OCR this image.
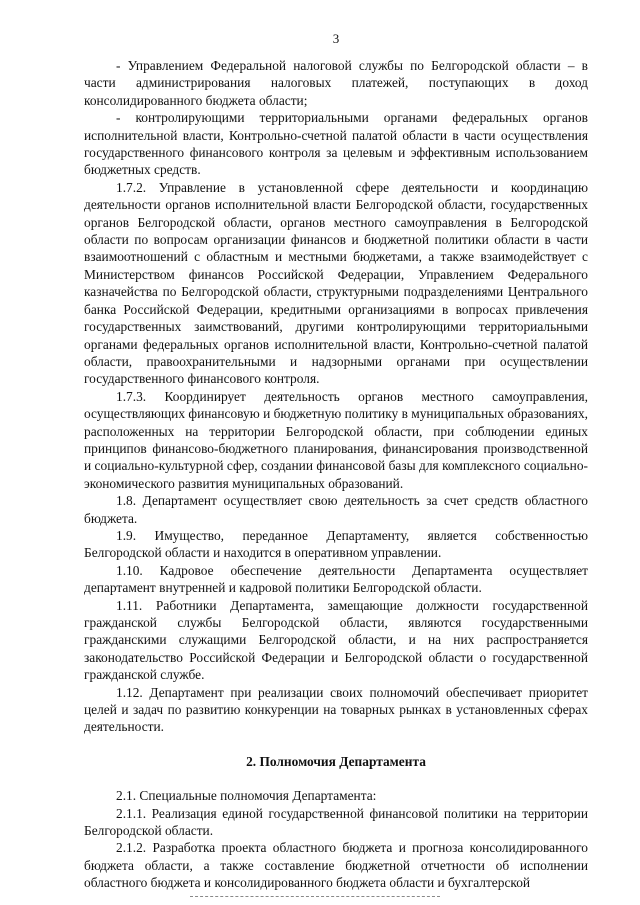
3

- Управлением Федеральной налоговой службы по Белгородской области – в части администрирования налоговых платежей, поступающих в доход консолидированного бюджета области;

- контролирующими территориальными органами федеральных органов исполнительной власти, Контрольно-счетной палатой области в части осуществления государственного финансового контроля за целевым и эффективным использованием бюджетных средств.

1.7.2. Управление в установленной сфере деятельности и координацию деятельности органов исполнительной власти Белгородской области, государственных органов Белгородской области, органов местного самоуправления в Белгородской области по вопросам организации финансов и бюджетной политики области в части взаимоотношений с областным и местными бюджетами, а также взаимодействует с Министерством финансов Российской Федерации, Управлением Федерального казначейства по Белгородской области, структурными подразделениями Центрального банка Российской Федерации, кредитными организациями в вопросах привлечения государственных заимствований, другими контролирующими территориальными органами федеральных органов исполнительной власти, Контрольно-счетной палатой области, правоохранительными и надзорными органами при осуществлении государственного финансового контроля.

1.7.3. Координирует деятельность органов местного самоуправления, осуществляющих финансовую и бюджетную политику в муниципальных образованиях, расположенных на территории Белгородской области, при соблюдении единых принципов финансово-бюджетного планирования, финансирования производственной и социально-культурной сфер, создании финансовой базы для комплексного социально-экономического развития муниципальных образований.

1.8. Департамент осуществляет свою деятельность за счет средств областного бюджета.

1.9. Имущество, переданное Департаменту, является собственностью Белгородской области и находится в оперативном управлении.

1.10. Кадровое обеспечение деятельности Департамента осуществляет департамент внутренней и кадровой политики Белгородской области.

1.11. Работники Департамента, замещающие должности государственной гражданской службы Белгородской области, являются государственными гражданскими служащими Белгородской области, и на них распространяется законодательство Российской Федерации и Белгородской области о государственной гражданской службе.

1.12. Департамент при реализации своих полномочий обеспечивает приоритет целей и задач по развитию конкуренции на товарных рынках в установленных сферах деятельности.

2. Полномочия Департамента

2.1. Специальные полномочия Департамента:

2.1.1. Реализация единой государственной финансовой политики на территории Белгородской области.

2.1.2. Разработка проекта областного бюджета и прогноза консолидированного бюджета области, а также составление бюджетной отчетности об исполнении областного бюджета и консолидированного бюджета области и бухгалтерской
